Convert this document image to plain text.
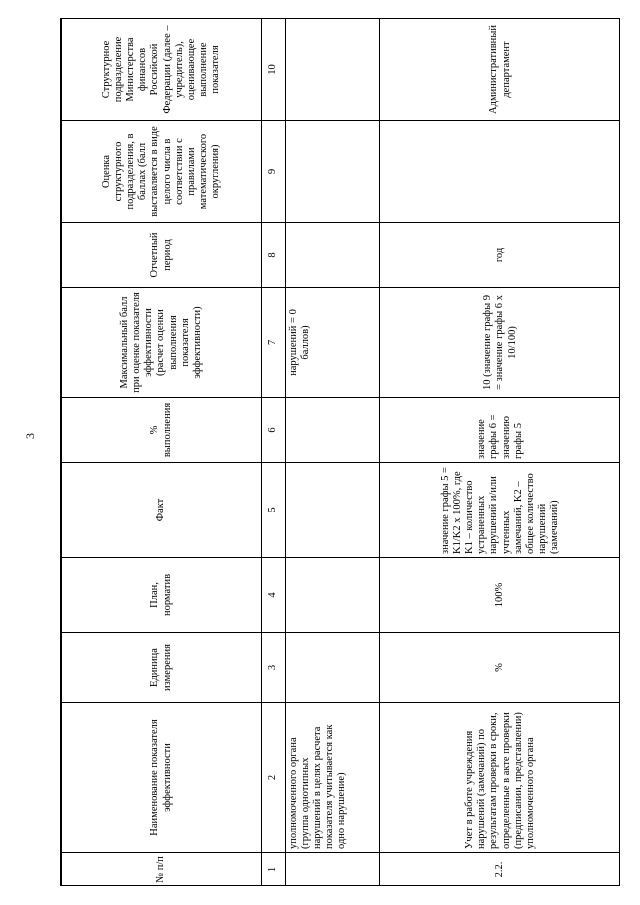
3
№ п/п	Наименование показателя эффективности	Единица измерения	План, норматив	Факт	% выполнения	Максимальный балл при оценке показателя эффективности (расчет оценки выполнения показателя эффективности)	Отчетный период	Оценка структурного подразделения, в баллах (балл выставляется в виде целого числа в соответствии с правилами математического округления)	Структурное подразделение Министерства финансов Российской Федерации (далее – учредитель), оценивающее выполнение показателя
1	2	3	4	5	6	7	8	9	10
	уполномоченного органа (группа однотипных нарушений в целях расчета показателя учитывается как одно нарушение)					нарушений = 0 баллов)			
2.2.	Учет в работе учреждения нарушений (замечаний) по результатам проверки в сроки, определенные в акте проверки (предписании, представлении) уполномоченного органа	%	100%	значение графы 5 = K1/K2 x 100%, где K1 – количество устраненных нарушений и/или учтенных замечаний, K2 – общее количество нарушений (замечаний)	значение графы 6 = значению графы 5	10 (значение графы 9 = значение графы 6 x 10/100)	год		Административный департамент
